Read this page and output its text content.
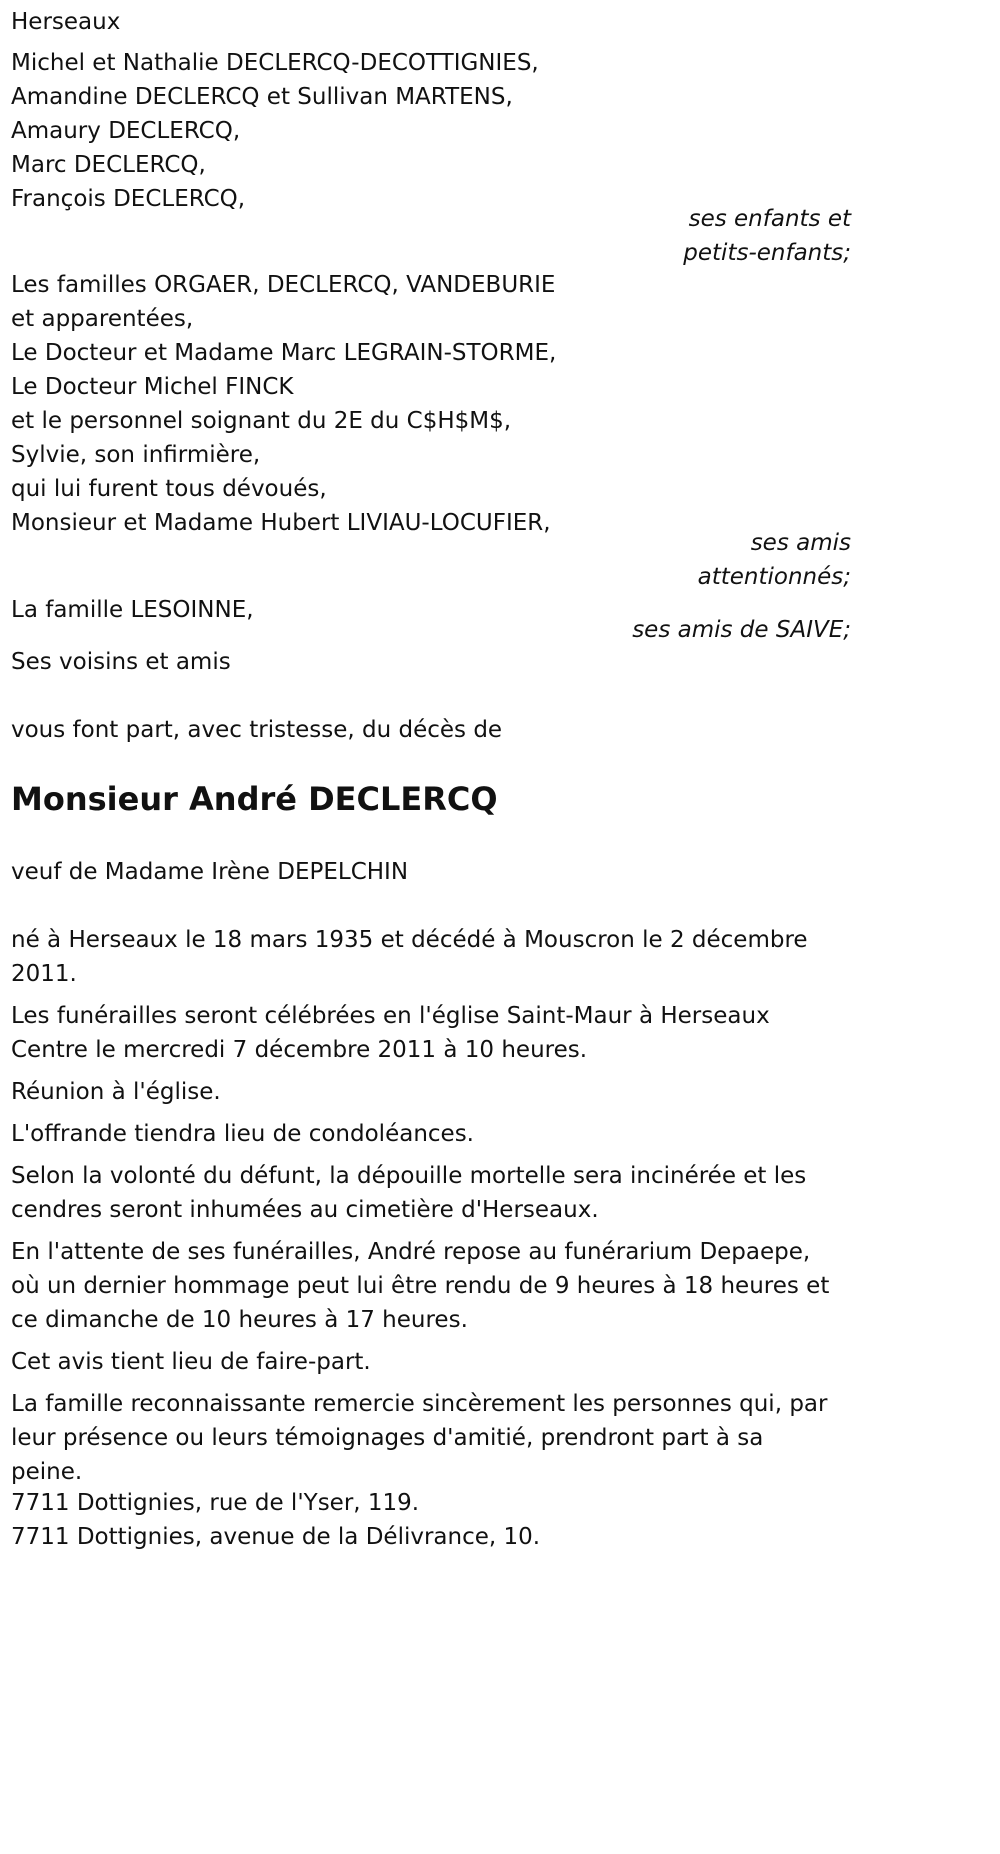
Herseaux

Michel et Nathalie DECLERCQ-DECOTTIGNIES,

Amandine DECLERCQ et Sullivan MARTENS,

Amaury DECLERCQ,

Marc DECLERCQ,

François DECLERCQ,

ses enfants et

petits-enfants;

Les familles ORGAER, DECLERCQ, VANDEBURIE

et apparentées,

Le Docteur et Madame Marc LEGRAIN-STORME,

Le Docteur Michel FINCK

et le personnel soignant du 2E du C$H$M$,

Sylvie, son infirmière,

qui lui furent tous dévoués,

Monsieur et Madame Hubert LIVIAU-LOCUFIER,

ses amis

attentionnés;

La famille LESOINNE,

ses amis de SAIVE;

Ses voisins et amis

vous font part, avec tristesse, du décès de

Monsieur André DECLERCQ

veuf de Madame Irène DEPELCHIN

né à Herseaux le 18 mars 1935 et décédé à Mouscron le 2 décembre 2011.

Les funérailles seront célébrées en l'église Saint-Maur à Herseaux Centre le mercredi 7 décembre 2011 à 10 heures.

Réunion à l'église.

L'offrande tiendra lieu de condoléances.

Selon la volonté du défunt, la dépouille mortelle sera incinérée et les cendres seront inhumées au cimetière d'Herseaux.

En l'attente de ses funérailles, André repose au funérarium Depaepe, où un dernier hommage peut lui être rendu de 9 heures à 18 heures et ce dimanche de 10 heures à 17 heures.

Cet avis tient lieu de faire-part.

La famille reconnaissante remercie sincèrement les personnes qui, par leur présence ou leurs témoignages d'amitié, prendront part à sa peine.

7711 Dottignies, rue de l'Yser, 119.

7711 Dottignies, avenue de la Délivrance, 10.
